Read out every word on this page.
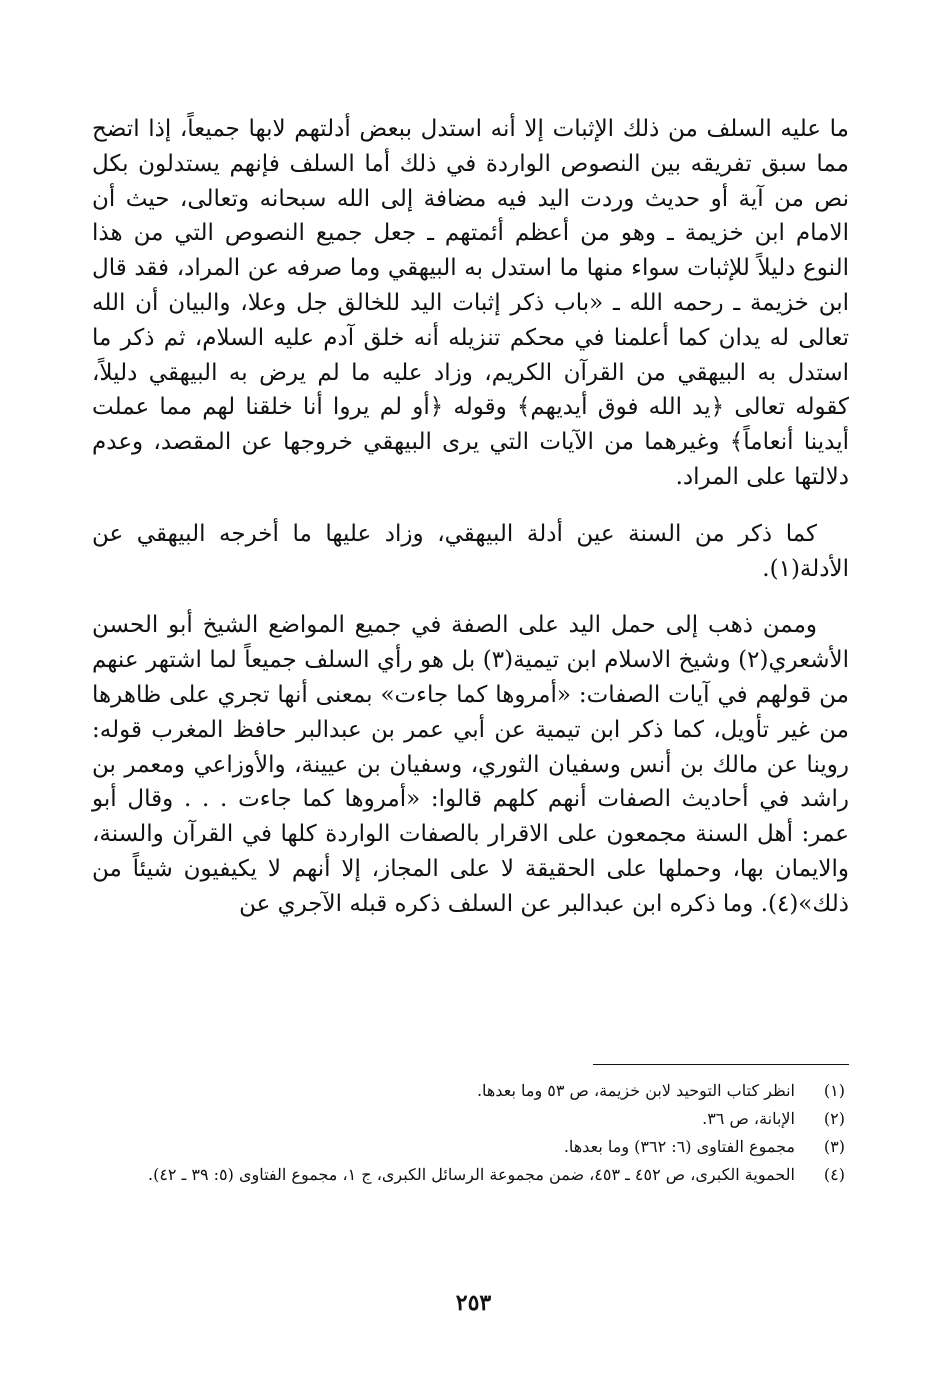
ما عليه السلف من ذلك الإثبات إلا أنه استدل ببعض أدلتهم لابها جميعاً، إذا اتضح مما سبق تفريقه بين النصوص الواردة في ذلك أما السلف فإنهم يستدلون بكل نص من آية أو حديث وردت اليد فيه مضافة إلى الله سبحانه وتعالى، حيث أن الامام ابن خزيمة ـ وهو من أعظم أئمتهم ـ جعل جميع النصوص التي من هذا النوع دليلاً للإثبات سواء منها ما استدل به البيهقي وما صرفه عن المراد، فقد قال ابن خزيمة ـ رحمه الله ـ «باب ذكر إثبات اليد للخالق جل وعلا، والبيان أن الله تعالى له يدان كما أعلمنا في محكم تنزيله أنه خلق آدم عليه السلام، ثم ذكر ما استدل به البيهقي من القرآن الكريم، وزاد عليه ما لم يرض به البيهقي دليلاً، كقوله تعالى ﴿يد الله فوق أيديهم﴾ وقوله ﴿أو لم يروا أنا خلقنا لهم مما عملت أيدينا أنعاماً﴾ وغيرهما من الآيات التي يرى البيهقي خروجها عن المقصد، وعدم دلالتها على المراد.

كما ذكر من السنة عين أدلة البيهقي، وزاد عليها ما أخرجه البيهقي عن الأدلة(١).

وممن ذهب إلى حمل اليد على الصفة في جميع المواضع الشيخ أبو الحسن الأشعري(٢) وشيخ الاسلام ابن تيمية(٣) بل هو رأي السلف جميعاً لما اشتهر عنهم من قولهم في آيات الصفات: «أمروها كما جاءت» بمعنى أنها تجري على ظاهرها من غير تأويل، كما ذكر ابن تيمية عن أبي عمر بن عبدالبر حافظ المغرب قوله: روينا عن مالك بن أنس وسفيان الثوري، وسفيان بن عيينة، والأوزاعي ومعمر بن راشد في أحاديث الصفات أنهم كلهم قالوا: «أمروها كما جاءت . . . وقال أبو عمر: أهل السنة مجمعون على الاقرار بالصفات الواردة كلها في القرآن والسنة، والايمان بها، وحملها على الحقيقة لا على المجاز، إلا أنهم لا يكيفيون شيئاً من ذلك»(٤). وما ذكره ابن عبدالبر عن السلف ذكره قبله الآجري عن

(١)
انظر كتاب التوحيد لابن خزيمة، ص ٥٣ وما بعدها.
(٢)
الإبانة، ص ٣٦.
(٣)
مجموع الفتاوى (٦: ٣٦٢) وما بعدها.
(٤)
الحموية الكبرى، ص ٤٥٢ ـ ٤٥٣، ضمن مجموعة الرسائل الكبرى، ج ١، مجموع الفتاوى (٥: ٣٩ ـ ٤٢).
٢٥٣
